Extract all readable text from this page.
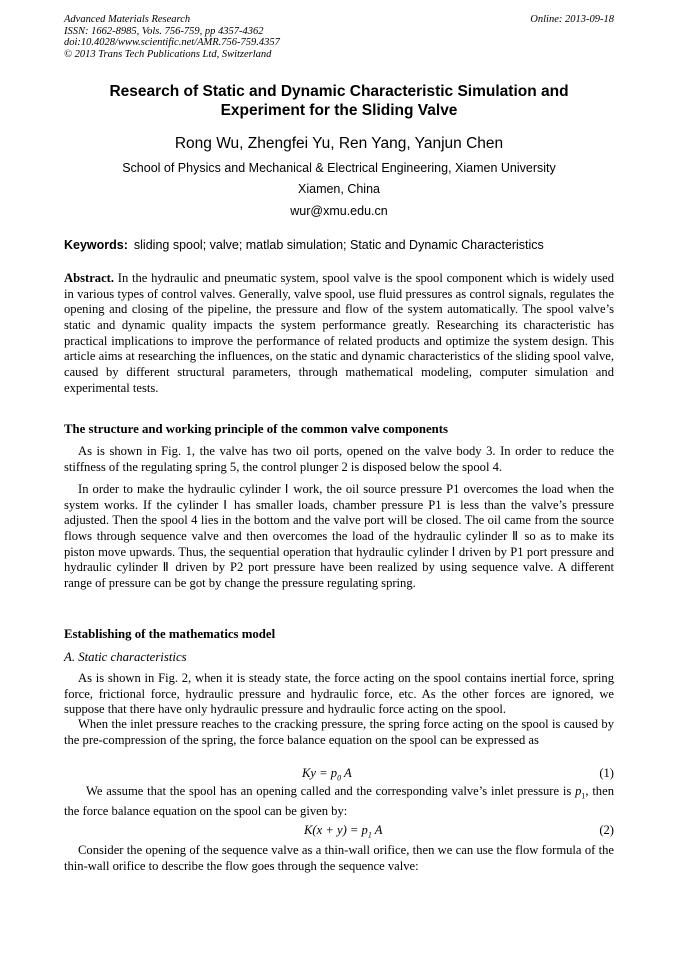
Advanced Materials Research
ISSN: 1662-8985, Vols. 756-759, pp 4357-4362
doi:10.4028/www.scientific.net/AMR.756-759.4357
© 2013 Trans Tech Publications Ltd, Switzerland
Online: 2013-09-18
Research of Static and Dynamic Characteristic Simulation and
Experiment for the Sliding Valve
Rong Wu, Zhengfei Yu, Ren Yang, Yanjun Chen
School of Physics and Mechanical & Electrical Engineering, Xiamen University
Xiamen, China
wur@xmu.edu.cn
Keywords: sliding spool; valve; matlab simulation; Static and Dynamic Characteristics
Abstract. In the hydraulic and pneumatic system, spool valve is the spool component which is widely used in various types of control valves. Generally, valve spool, use fluid pressures as control signals, regulates the opening and closing of the pipeline, the pressure and flow of the system automatically. The spool valve’s static and dynamic quality impacts the system performance greatly. Researching its characteristic has practical implications to improve the performance of related products and optimize the system design. This article aims at researching the influences, on the static and dynamic characteristics of the sliding spool valve, caused by different structural parameters, through mathematical modeling, computer simulation and experimental tests.
The structure and working principle of the common valve components
As is shown in Fig. 1, the valve has two oil ports, opened on the valve body 3. In order to reduce the stiffness of the regulating spring 5, the control plunger 2 is disposed below the spool 4.
In order to make the hydraulic cylinder Ⅰ work, the oil source pressure P1 overcomes the load when the system works. If the cylinder Ⅰ has smaller loads, chamber pressure P1 is less than the valve’s pressure adjusted. Then the spool 4 lies in the bottom and the valve port will be closed. The oil came from the source flows through sequence valve and then overcomes the load of the hydraulic cylinder Ⅱ so as to make its piston move upwards. Thus, the sequential operation that hydraulic cylinder Ⅰ driven by P1 port pressure and hydraulic cylinder Ⅱ driven by P2 port pressure have been realized by using sequence valve. A different range of pressure can be got by change the pressure regulating spring.
Establishing of the mathematics model
A. Static characteristics
As is shown in Fig. 2, when it is steady state, the force acting on the spool contains inertial force, spring force, frictional force, hydraulic pressure and hydraulic force, etc. As the other forces are ignored, we suppose that there have only hydraulic pressure and hydraulic force acting on the spool.
When the inlet pressure reaches to the cracking pressure, the spring force acting on the spool is caused by the pre-compression of the spring, the force balance equation on the spool can be expressed as
$Ky = p_0$ A	(1)
We assume that the spool has an opening called and the corresponding valve’s inlet pressure is $p_1$, then the force balance equation on the spool can be given by:
$K(x + y) = p_1$ A	(2)
Consider the opening of the sequence valve as a thin-wall orifice, then we can use the flow formula of the thin-wall orifice to describe the flow goes through the sequence valve:
